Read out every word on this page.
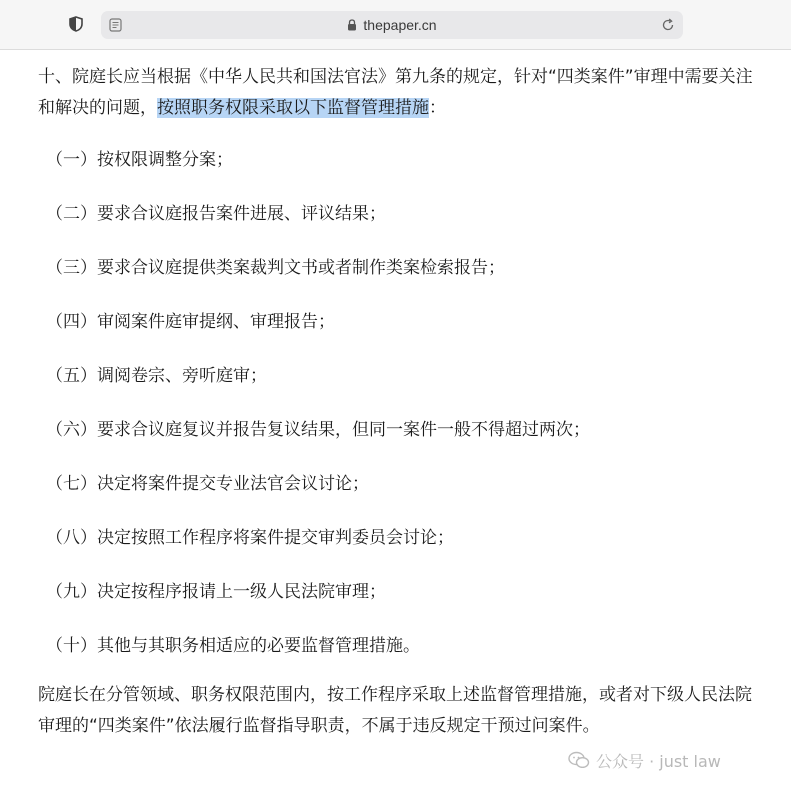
thepaper.cn

十、院庭长应当根据《中华人民共和国法官法》第九条的规定，针对“四类案件”审理中需要关注和解决的问题，按照职务权限采取以下监督管理措施：

（一）按权限调整分案；

（二）要求合议庭报告案件进展、评议结果；

（三）要求合议庭提供类案裁判文书或者制作类案检索报告；

（四）审阅案件庭审提纲、审理报告；

（五）调阅卷宗、旁听庭审；

（六）要求合议庭复议并报告复议结果，但同一案件一般不得超过两次；

（七）决定将案件提交专业法官会议讨论；

（八）决定按照工作程序将案件提交审判委员会讨论；

（九）决定按程序报请上一级人民法院审理；

（十）其他与其职务相适应的必要监督管理措施。

院庭长在分管领域、职务权限范围内，按工作程序采取上述监督管理措施，或者对下级人民法院审理的“四类案件”依法履行监督指导职责，不属于违反规定干预过问案件。

公众号 · just law
